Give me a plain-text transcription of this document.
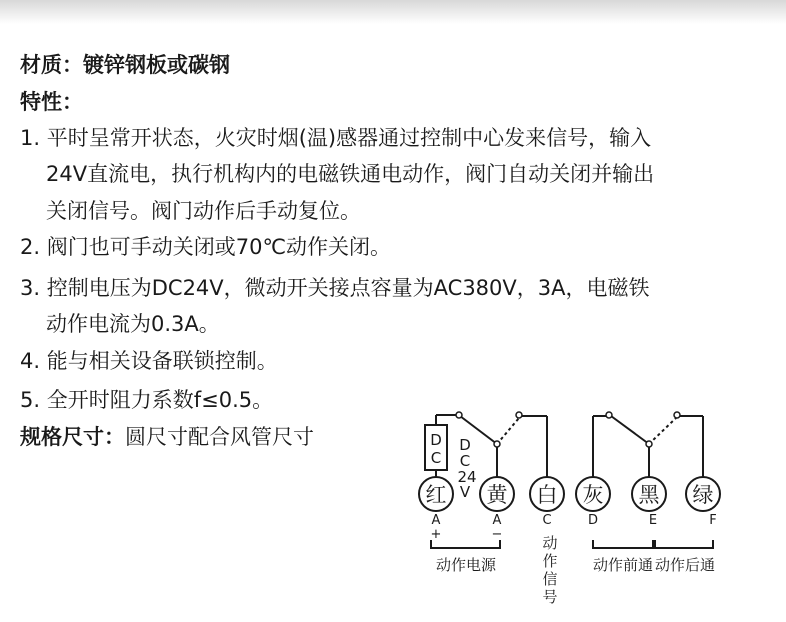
材质：镀锌钢板或碳钢
特性：
1. 平时呈常开状态，火灾时烟(温)感器通过控制中心发来信号，输入
24V直流电，执行机构内的电磁铁通电动作，阀门自动关闭并输出
关闭信号。阀门动作后手动复位。
2. 阀门也可手动关闭或70℃动作关闭。
3. 控制电压为DC24V，微动开关接点容量为AC380V，3A，电磁铁
动作电流为0.3A。
4. 能与相关设备联锁控制。
5. 全开时阻力系数f≤0.5。
规格尺寸：圆尺寸配合风管尺寸	D
C
D
C
24
V
红 黄 白 灰 黑 绿
A	A	C	D	E	F
+	−
动作电源	动作前通 动作后通
动
作
信
号
